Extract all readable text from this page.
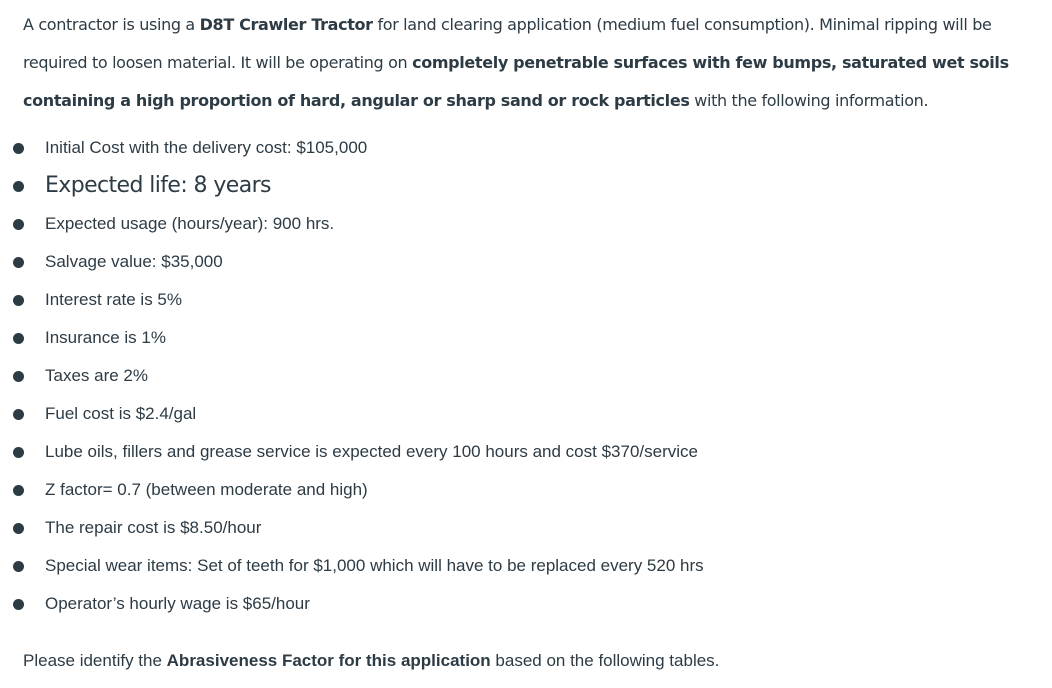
A contractor is using a D8T Crawler Tractor for land clearing application (medium fuel consumption). Minimal ripping will be required to loosen material. It will be operating on completely penetrable surfaces with few bumps, saturated wet soils containing a high proportion of hard, angular or sharp sand or rock particles with the following information.

Initial Cost with the delivery cost: $105,000
Expected life: 8 years
Expected usage (hours/year): 900 hrs.
Salvage value: $35,000
Interest rate is 5%
Insurance is 1%
Taxes are 2%
Fuel cost is $2.4/gal
Lube oils, fillers and grease service is expected every 100 hours and cost $370/service
Z factor= 0.7 (between moderate and high)
The repair cost is $8.50/hour
Special wear items: Set of teeth for $1,000 which will have to be replaced every 520 hrs
Operator’s hourly wage is $65/hour

Please identify the Abrasiveness Factor for this application based on the following tables.
